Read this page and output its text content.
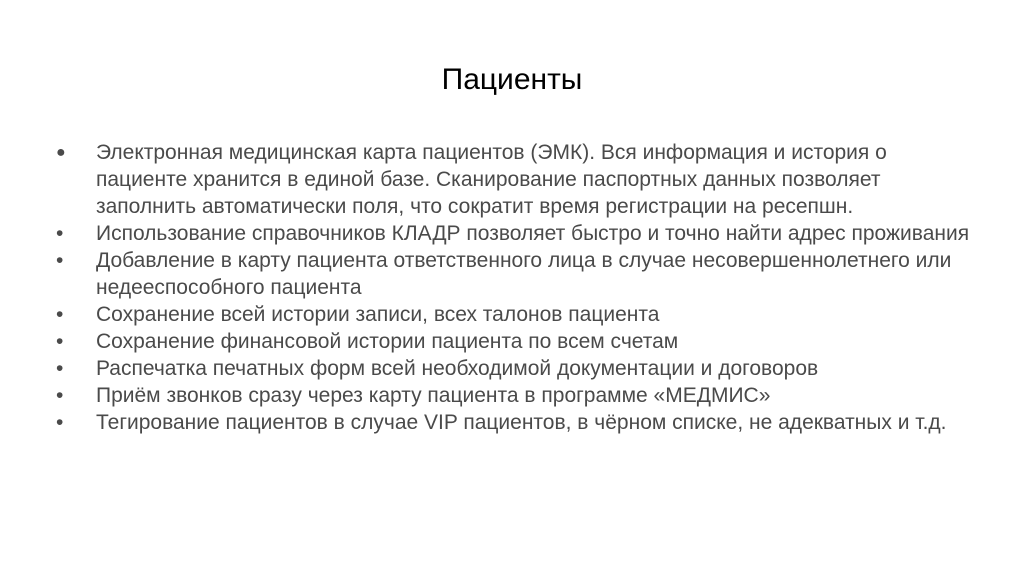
Пациенты
●	Электронная медицинская карта пациентов (ЭМК). Вся информация и история о пациенте хранится в единой базе. Сканирование паспортных данных позволяет заполнить автоматически поля, что сократит время регистрации на ресепшн.
•	Использование справочников КЛАДР позволяет быстро и точно найти адрес проживания
•	Добавление в карту пациента ответственного лица в случае несовершеннолетнего или недееспособного пациента
•	Сохранение всей истории записи, всех талонов пациента
•	Сохранение финансовой истории пациента по всем счетам
•	Распечатка печатных форм всей необходимой документации и договоров
•	Приём звонков сразу через карту пациента в программе «МЕДМИС»
•	Тегирование пациентов в случае VIP пациентов, в чёрном списке, не адекватных и т.д.
